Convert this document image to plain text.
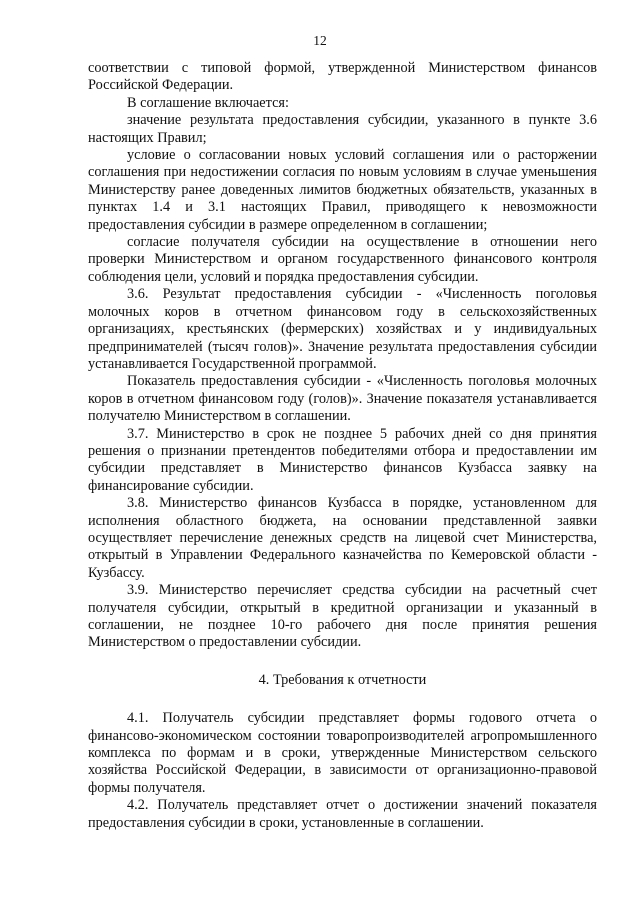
12

соответствии с типовой формой, утвержденной Министерством финансов Российской Федерации.

В соглашение включается:

значение результата предоставления субсидии, указанного в пункте 3.6 настоящих Правил;

условие о согласовании новых условий соглашения или о расторжении соглашения при недостижении согласия по новым условиям в случае уменьшения Министерству ранее доведенных лимитов бюджетных обязательств, указанных в пунктах 1.4 и 3.1 настоящих Правил, приводящего к невозможности предоставления субсидии в размере определенном в соглашении;

согласие получателя субсидии на осуществление в отношении него проверки Министерством и органом государственного финансового контроля соблюдения цели, условий и порядка предоставления субсидии.

3.6. Результат предоставления субсидии - «Численность поголовья молочных коров в отчетном финансовом году в сельскохозяйственных организациях, крестьянских (фермерских) хозяйствах и у индивидуальных предпринимателей (тысяч голов)». Значение результата предоставления субсидии устанавливается Государственной программой.

Показатель предоставления субсидии - «Численность поголовья молочных коров в отчетном финансовом году (голов)». Значение показателя устанавливается получателю Министерством в соглашении.

3.7. Министерство в срок не позднее 5 рабочих дней со дня принятия решения о признании претендентов победителями отбора и предоставлении им субсидии представляет в Министерство финансов Кузбасса заявку на финансирование субсидии.

3.8. Министерство финансов Кузбасса в порядке, установленном для исполнения областного бюджета, на основании представленной заявки осуществляет перечисление денежных средств на лицевой счет Министерства, открытый в Управлении Федерального казначейства по Кемеровской области - Кузбассу.

3.9. Министерство перечисляет средства субсидии на расчетный счет получателя субсидии, открытый в кредитной организации и указанный в соглашении, не позднее 10-го рабочего дня после принятия решения Министерством о предоставлении субсидии.

4. Требования к отчетности

4.1. Получатель субсидии представляет формы годового отчета о финансово-экономическом состоянии товаропроизводителей агропромышленного комплекса по формам и в сроки, утвержденные Министерством сельского хозяйства Российской Федерации, в зависимости от организационно-правовой формы получателя.

4.2. Получатель представляет отчет о достижении значений показателя предоставления субсидии в сроки, установленные в соглашении.
